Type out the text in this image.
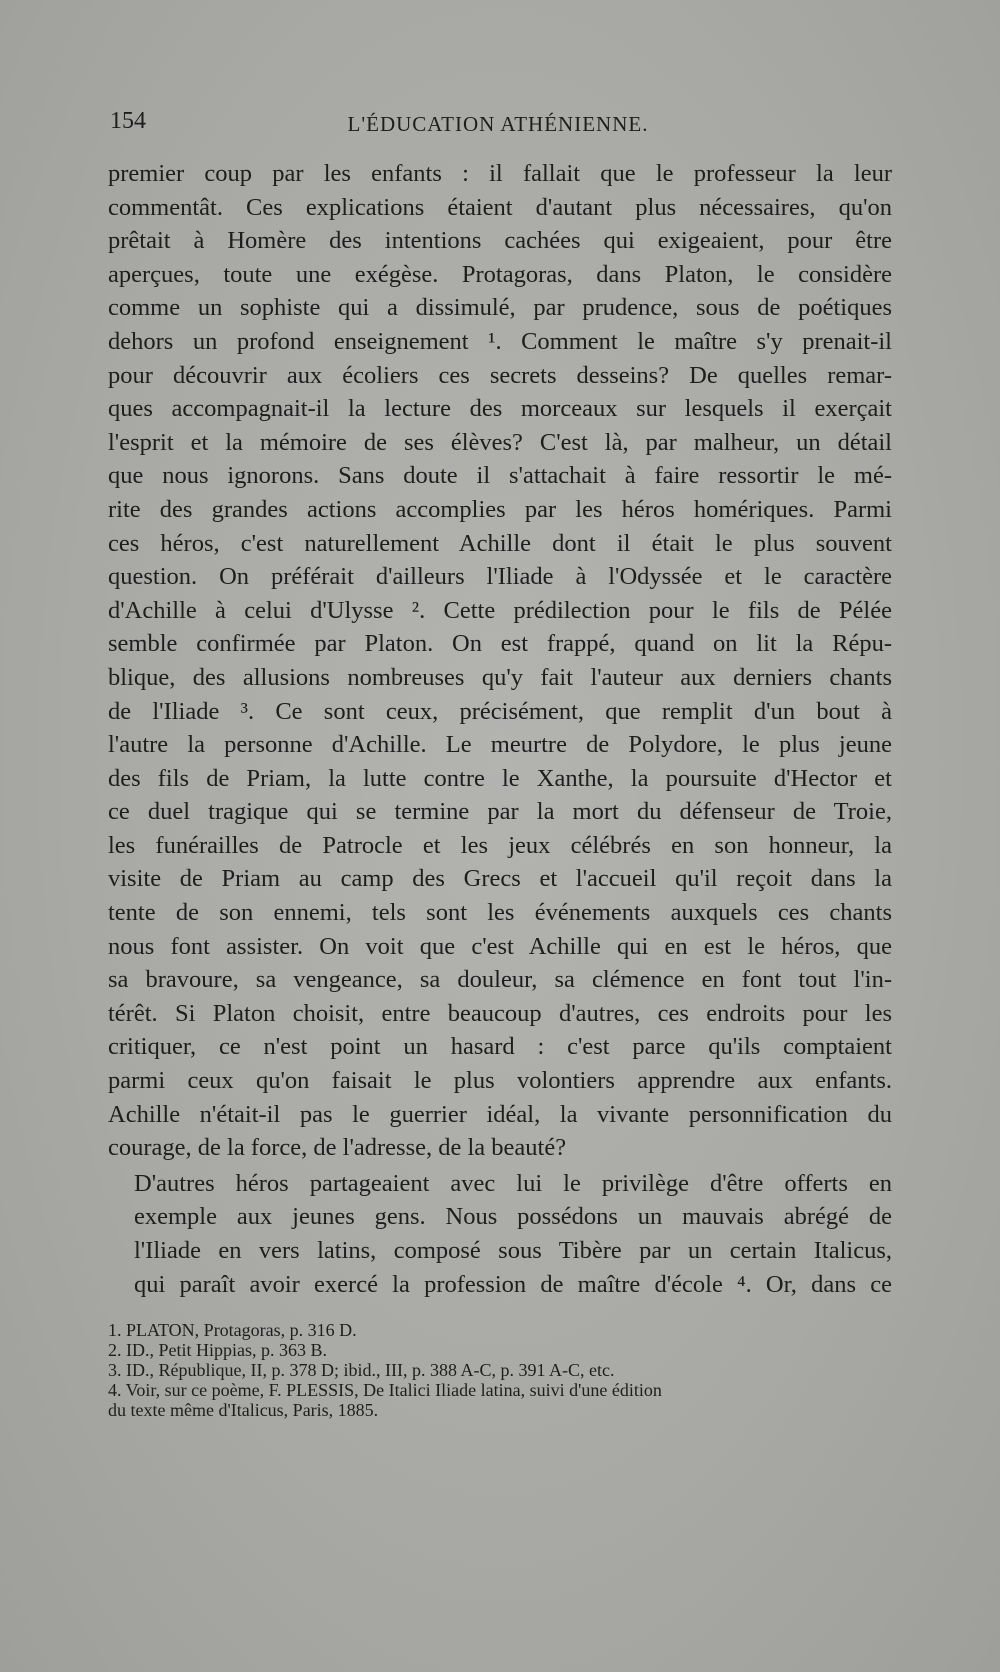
154	L'ÉDUCATION ATHÉNIENNE.

premier coup par les enfants : il fallait que le professeur la leur
commentât. Ces explications étaient d'autant plus nécessaires, qu'on
prêtait à Homère des intentions cachées qui exigeaient, pour être
aperçues, toute une exégèse. Protagoras, dans Platon, le considère
comme un sophiste qui a dissimulé, par prudence, sous de poétiques
dehors un profond enseignement ¹. Comment le maître s'y prenait-il
pour découvrir aux écoliers ces secrets desseins? De quelles remar-
ques accompagnait-il la lecture des morceaux sur lesquels il exerçait
l'esprit et la mémoire de ses élèves? C'est là, par malheur, un détail
que nous ignorons. Sans doute il s'attachait à faire ressortir le mé-
rite des grandes actions accomplies par les héros homériques. Parmi
ces héros, c'est naturellement Achille dont il était le plus souvent
question. On préférait d'ailleurs l'Iliade à l'Odyssée et le caractère
d'Achille à celui d'Ulysse ². Cette prédilection pour le fils de Pélée
semble confirmée par Platon. On est frappé, quand on lit la Répu-
blique, des allusions nombreuses qu'y fait l'auteur aux derniers chants
de l'Iliade ³. Ce sont ceux, précisément, que remplit d'un bout à
l'autre la personne d'Achille. Le meurtre de Polydore, le plus jeune
des fils de Priam, la lutte contre le Xanthe, la poursuite d'Hector et
ce duel tragique qui se termine par la mort du défenseur de Troie,
les funérailles de Patrocle et les jeux célébrés en son honneur, la
visite de Priam au camp des Grecs et l'accueil qu'il reçoit dans la
tente de son ennemi, tels sont les événements auxquels ces chants
nous font assister. On voit que c'est Achille qui en est le héros, que
sa bravoure, sa vengeance, sa douleur, sa clémence en font tout l'in-
térêt. Si Platon choisit, entre beaucoup d'autres, ces endroits pour les
critiquer, ce n'est point un hasard : c'est parce qu'ils comptaient
parmi ceux qu'on faisait le plus volontiers apprendre aux enfants.
Achille n'était-il pas le guerrier idéal, la vivante personnification du
courage, de la force, de l'adresse, de la beauté?

D'autres héros partageaient avec lui le privilège d'être offerts en
exemple aux jeunes gens. Nous possédons un mauvais abrégé de
l'Iliade en vers latins, composé sous Tibère par un certain Italicus,
qui paraît avoir exercé la profession de maître d'école ⁴. Or, dans ce

1. PLATON, Protagoras, p. 316 D.
2. ID., Petit Hippias, p. 363 B.
3. ID., République, II, p. 378 D; ibid., III, p. 388 A-C, p. 391 A-C, etc.
4. Voir, sur ce poème, F. PLESSIS, De Italici Iliade latina, suivi d'une édition
du texte même d'Italicus, Paris, 1885.
